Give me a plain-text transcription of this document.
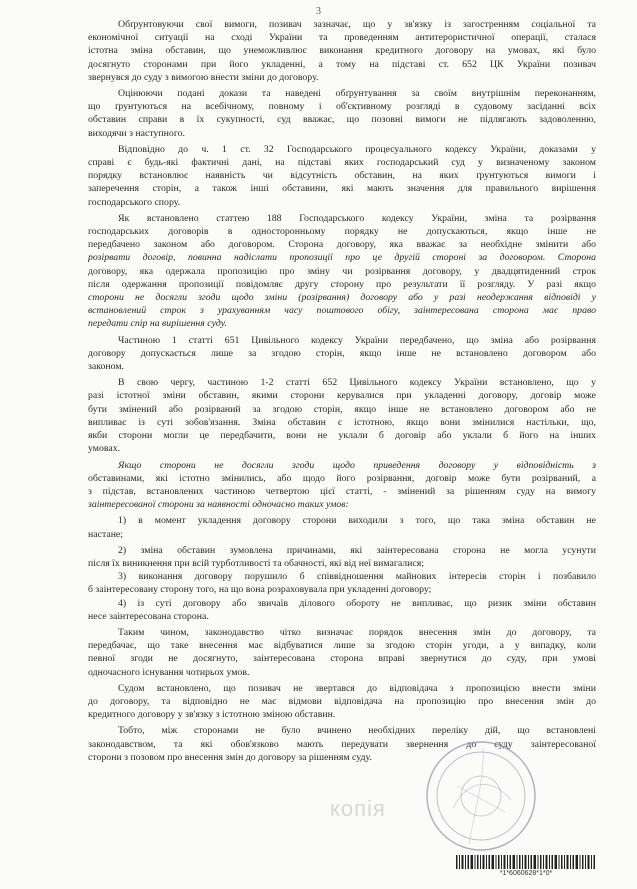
3
Обґрунтовуючи свої вимоги, позивач зазначає, що у зв'язку із загостренням соціальної та
економічної ситуації на сході України та проведенням антитерористичної операції, сталася
істотна зміна обставин, що унеможливлює виконання кредитного договору на умовах, які було
досягнуто сторонами при його укладенні, а тому на підставі ст. 652 ЦК України позивач
звернувся до суду з вимогою внести зміни до договору.
Оцінюючи подані докази та наведені обґрунтування за своїм внутрішнім переконанням,
що ґрунтуються на всебічному, повному і об'єктивному розгляді в судовому засіданні всіх
обставин справи в їх сукупності, суд вважає, що позовні вимоги не підлягають задоволенню,
виходячи з наступного.
Відповідно до ч. 1 ст. 32 Господарського процесуального кодексу України, доказами у
справі є будь-які фактичні дані, на підставі яких господарський суд у визначеному законом
порядку встановлює наявність чи відсутність обставин, на яких ґрунтуються вимоги і
заперечення сторін, а також інші обставини, які мають значення для правильного вирішення
господарського спору.
Як встановлено статтею 188 Господарського кодексу України, зміна та розірвання
господарських договорів в односторонньому порядку не допускаються, якщо інше не
передбачено законом або договором. Сторона договору, яка вважає за необхідне змінити або
розірвати договір, повинна надіслати пропозиції про це другій стороні за договором. Сторона
договору, яка одержала пропозицію про зміну чи розірвання договору, у двадцятиденний строк
після одержання пропозиції повідомляє другу сторону про результати її розгляду. У разі якщо
сторони не досягли згоди щодо зміни (розірвання) договору або у разі неодержання відповіді у
встановлений строк з урахуванням часу поштового обігу, заінтересована сторона має право
передати спір на вирішення суду.
Частиною 1 статті 651 Цивільного кодексу України передбачено, що зміна або розірвання
договору допускається лише за згодою сторін, якщо інше не встановлено договором або
законом.
В свою чергу, частиною 1-2 статті 652 Цивільного кодексу України встановлено, що у
разі істотної зміни обставин, якими сторони керувалися при укладенні договору, договір може
бути змінений або розірваний за згодою сторін, якщо інше не встановлено договором або не
випливає із суті зобов'язання. Зміна обставин є істотною, якщо вони змінилися настільки, що,
якби сторони могли це передбачити, вони не уклали б договір або уклали б його на інших
умовах.
Якщо сторони не досягли згоди щодо приведення договору у відповідність з
обставинами, які істотно змінились, або щодо його розірвання, договір може бути розірваний, а
з підстав, встановлених частиною четвертою цієї статті, - змінений за рішенням суду на вимогу
заінтересованої сторони за наявності одночасно таких умов:
1) в момент укладення договору сторони виходили з того, що така зміна обставин не
настане;
2) зміна обставин зумовлена причинами, які заінтересована сторона не могла усунути
після їх виникнення при всій турботливості та обачності, які від неї вимагалися;
3) виконання договору порушило б співвідношення майнових інтересів сторін і позбавило
б заінтересовану сторону того, на що вона розраховувала при укладенні договору;
4) із суті договору або звичаїв ділового обороту не випливає, що ризик зміни обставин
несе заінтересована сторона.
Таким чином, законодавство чітко визначає порядок внесення змін до договору, та
передбачає, що таке внесення має відбуватися лише за згодою сторін угоди, а у випадку, коли
певної згоди не досягнуто, заінтересована сторона вправі звернутися до суду, при умові
одночасного існування чотирьох умов.
Судом встановлено, що позивач не звертався до відповідача з пропозицією внести зміни
до договору, та відповідно не має відмови відповідача на пропозицію про внесення змін до
кредитного договору у зв'язку з істотною зміною обставин.
Тобто, між сторонами не було вчинено необхідних переліку дій, що встановлені
законодавством, та які обов'язково мають передувати звернення до суду заінтересованої
сторони з позовом про внесення змін до договору за рішенням суду.
копія
*1*6060628*1*0*
